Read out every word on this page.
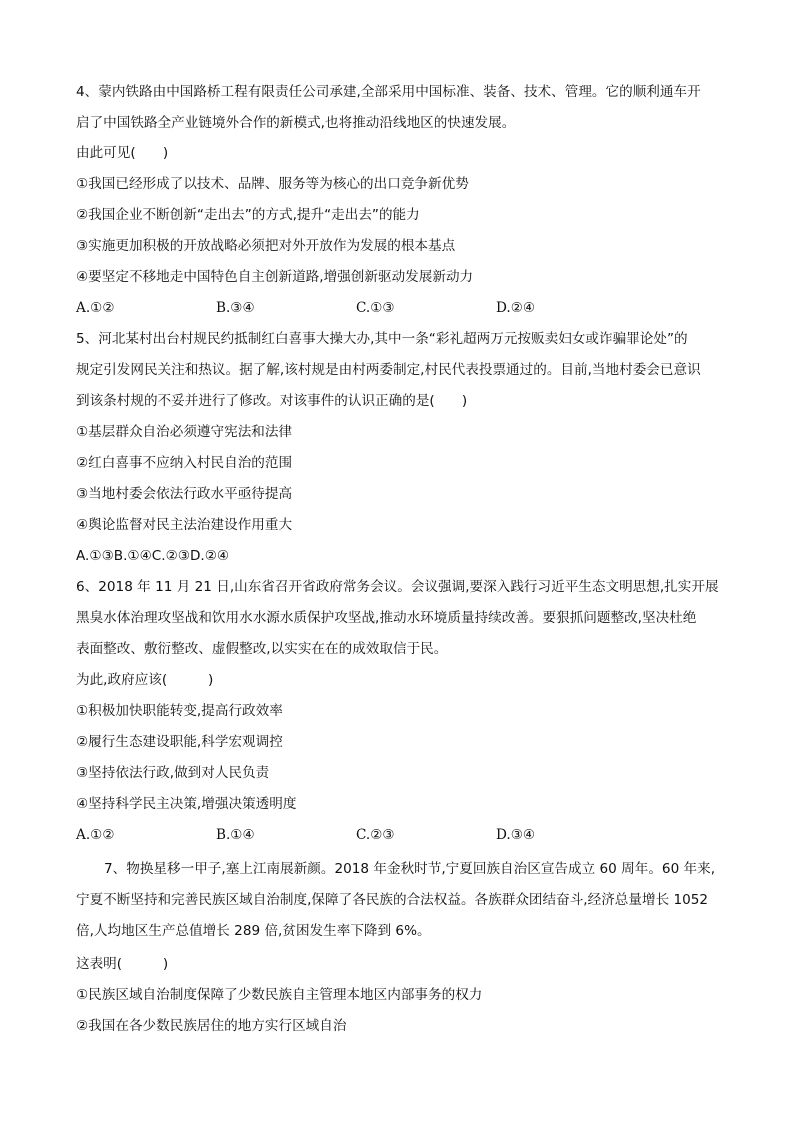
4、蒙内铁路由中国路桥工程有限责任公司承建,全部采用中国标准、装备、技术、管理。它的顺利通车开
启了中国铁路全产业链境外合作的新模式,也将推动沿线地区的快速发展。
由此可见(　　)
①我国已经形成了以技术、品牌、服务等为核心的出口竞争新优势
②我国企业不断创新“走出去”的方式,提升“走出去”的能力
③实施更加积极的开放战略必须把对外开放作为发展的根本基点
④要坚定不移地走中国特色自主创新道路,增强创新驱动发展新动力
A.①②	B.③④	C.①③	D.②④
5、河北某村出台村规民约抵制红白喜事大操大办,其中一条“彩礼超两万元按贩卖妇女或诈骗罪论处”的
规定引发网民关注和热议。据了解,该村规是由村两委制定,村民代表投票通过的。目前,当地村委会已意识
到该条村规的不妥并进行了修改。对该事件的认识正确的是(　　)
①基层群众自治必须遵守宪法和法律
②红白喜事不应纳入村民自治的范围
③当地村委会依法行政水平亟待提高
④舆论监督对民主法治建设作用重大
A.①③B.①④C.②③D.②④
6、2018 年 11 月 21 日,山东省召开省政府常务会议。会议强调,要深入践行习近平生态文明思想,扎实开展
黑臭水体治理攻坚战和饮用水水源水质保护攻坚战,推动水环境质量持续改善。要狠抓问题整改,坚决杜绝
表面整改、敷衍整改、虚假整改,以实实在在的成效取信于民。
为此,政府应该(　　　)
①积极加快职能转变,提高行政效率
②履行生态建设职能,科学宏观调控
③坚持依法行政,做到对人民负责
④坚持科学民主决策,增强决策透明度
A.①②	B.①④	C.②③	D.③④
7、物换星移一甲子,塞上江南展新颜。2018 年金秋时节,宁夏回族自治区宣告成立 60 周年。60 年来,
宁夏不断坚持和完善民族区域自治制度,保障了各民族的合法权益。各族群众团结奋斗,经济总量增长 1052
倍,人均地区生产总值增长 289 倍,贫困发生率下降到 6%。
这表明(　　　)
①民族区域自治制度保障了少数民族自主管理本地区内部事务的权力
②我国在各少数民族居住的地方实行区域自治
